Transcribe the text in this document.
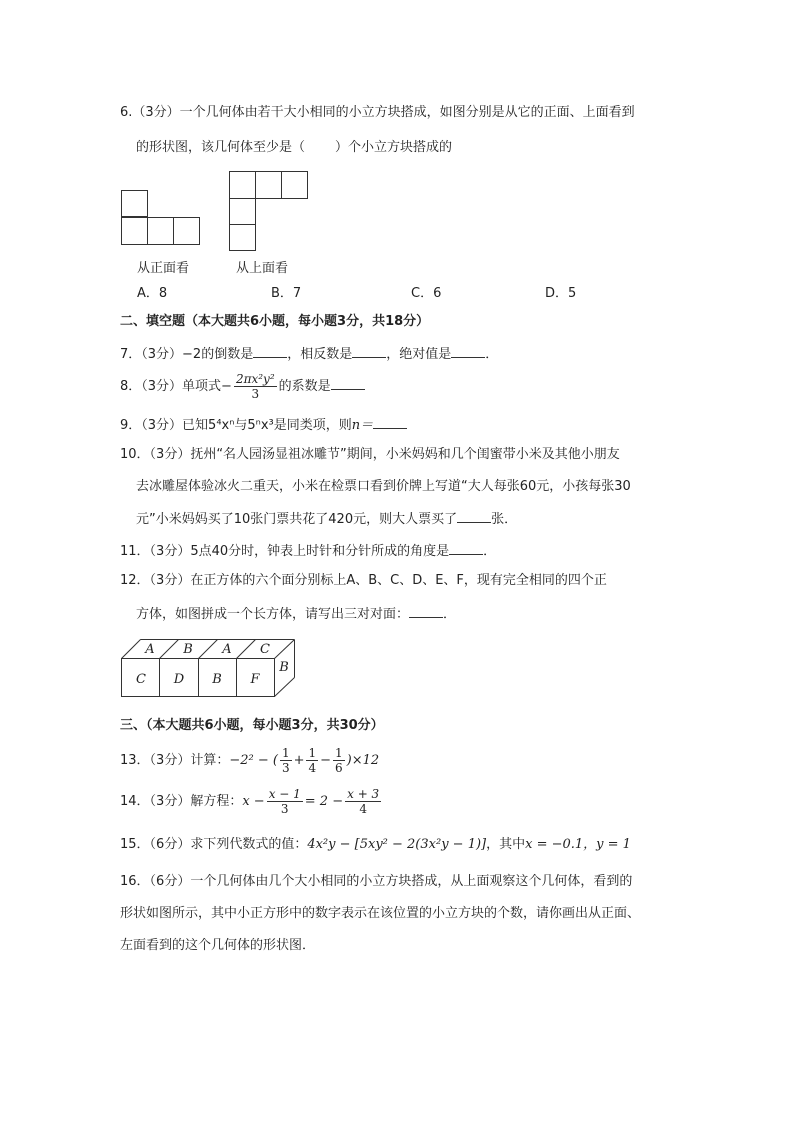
6.（3分）一个几何体由若干大小相同的小立方块搭成，如图分别是从它的正面、上面看到
的形状图，该几何体至少是（ ）个小立方块搭成的
从正面看	从上面看
A．8	B．7	C．6	D．5
二、填空题（本大题共6小题，每小题3分，共18分）
7．（3分）−2的倒数是	，相反数是	，绝对值是	．
8．（3分）单项式− $\frac{\text{2πx²y²}}{3}$ 的系数是
9．（3分）已知5⁴xⁿ与5ⁿx³是同类项，则n＝
10．（3分）抚州“名人园汤显祖冰雕节”期间，小米妈妈和几个闺蜜带小米及其他小朋友
去冰雕屋体验冰火二重天，小米在检票口看到价牌上写道“大人每张60元，小孩每张30
元”小米妈妈买了10张门票共花了420元，则大人票买了	张．
11．（3分）5点40分时，钟表上时针和分针所成的角度是	．
12．（3分）在正方体的六个面分别标上A、B、C、D、E、F，现有完全相同的四个正
方体，如图拼成一个长方体，请写出三对对面：	．
A B A C
C D B F
B
三、（本大题共6小题，每小题3分，共30分）
13．（3分）计算：−2² − ( $\frac{1}{3} + \frac{1}{4} - \frac{1}{6} )\times 12$
14．（3分）解方程：$x - \frac{x - 1}{3} = 2 - \frac{x + 3}{4}$
15．（6分）求下列代数式的值：4x²y − [5xy² − 2(3x²y − 1)]，其中x = −0.1，y = 1
16．（6分）一个几何体由几个大小相同的小立方块搭成，从上面观察这个几何体，看到的
形状如图所示，其中小正方形中的数字表示在该位置的小立方块的个数，请你画出从正面、
左面看到的这个几何体的形状图．
